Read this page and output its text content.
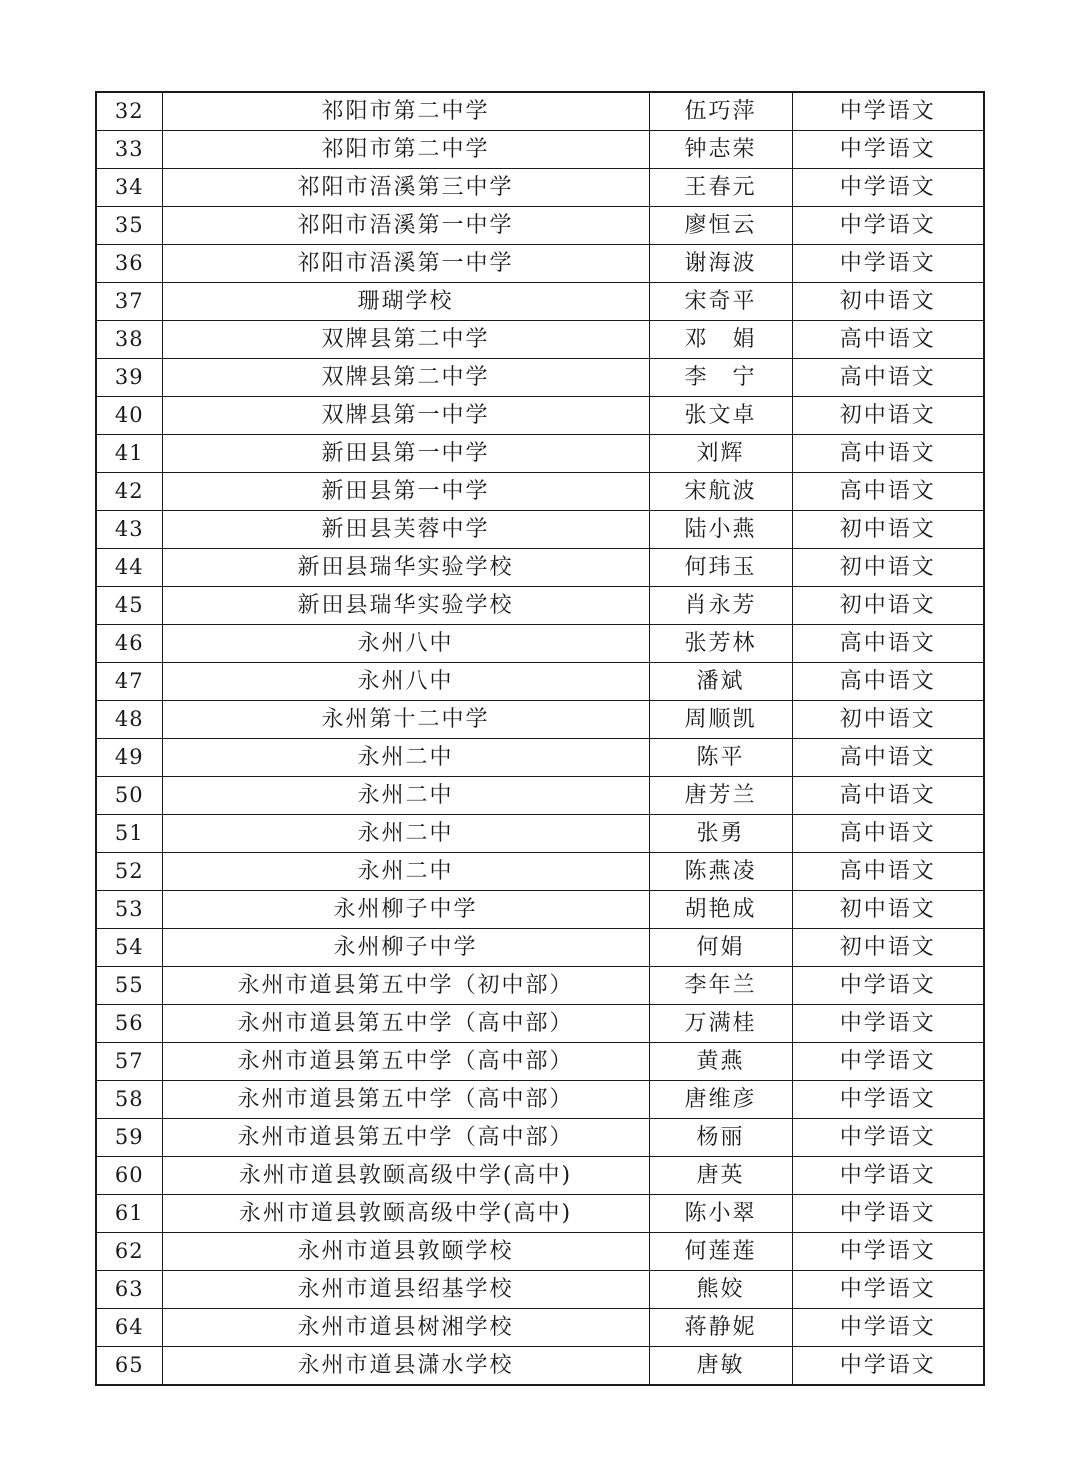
32	祁阳市第二中学	伍巧萍	中学语文
33	祁阳市第二中学	钟志荣	中学语文
34	祁阳市浯溪第三中学	王春元	中学语文
35	祁阳市浯溪第一中学	廖恒云	中学语文
36	祁阳市浯溪第一中学	谢海波	中学语文
37	珊瑚学校	宋奇平	初中语文
38	双牌县第二中学	邓　娟	高中语文
39	双牌县第二中学	李　宁	高中语文
40	双牌县第一中学	张文卓	初中语文
41	新田县第一中学	刘辉	高中语文
42	新田县第一中学	宋航波	高中语文
43	新田县芙蓉中学	陆小燕	初中语文
44	新田县瑞华实验学校	何玮玉	初中语文
45	新田县瑞华实验学校	肖永芳	初中语文
46	永州八中	张芳林	高中语文
47	永州八中	潘斌	高中语文
48	永州第十二中学	周顺凯	初中语文
49	永州二中	陈平	高中语文
50	永州二中	唐芳兰	高中语文
51	永州二中	张勇	高中语文
52	永州二中	陈燕凌	高中语文
53	永州柳子中学	胡艳成	初中语文
54	永州柳子中学	何娟	初中语文
55	永州市道县第五中学（初中部）	李年兰	中学语文
56	永州市道县第五中学（高中部）	万满桂	中学语文
57	永州市道县第五中学（高中部）	黄燕	中学语文
58	永州市道县第五中学（高中部）	唐维彦	中学语文
59	永州市道县第五中学（高中部）	杨丽	中学语文
60	永州市道县敦颐高级中学(高中)	唐英	中学语文
61	永州市道县敦颐高级中学(高中)	陈小翠	中学语文
62	永州市道县敦颐学校	何莲莲	中学语文
63	永州市道县绍基学校	熊姣	中学语文
64	永州市道县树湘学校	蒋静妮	中学语文
65	永州市道县潇水学校	唐敏	中学语文
